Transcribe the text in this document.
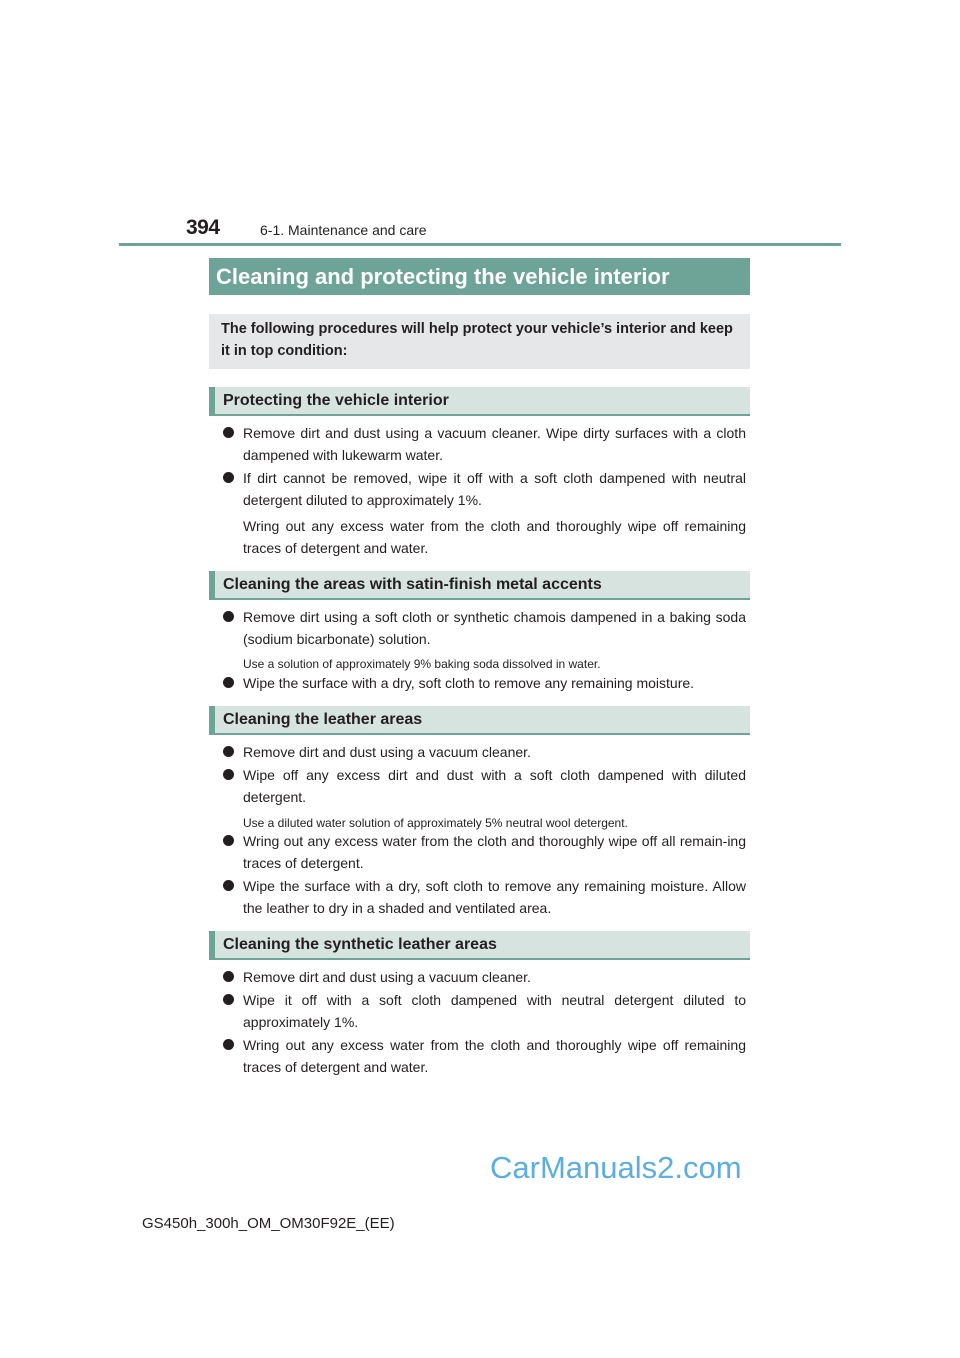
394	6-1. Maintenance and care
Cleaning and protecting the vehicle interior
The following procedures will help protect your vehicle’s interior and keep it in top condition:
Protecting the vehicle interior
Remove dirt and dust using a vacuum cleaner. Wipe dirty surfaces with a cloth dampened with lukewarm water.
If dirt cannot be removed, wipe it off with a soft cloth dampened with neutral detergent diluted to approximately 1%.
Wring out any excess water from the cloth and thoroughly wipe off remaining traces of detergent and water.
Cleaning the areas with satin-finish metal accents
Remove dirt using a soft cloth or synthetic chamois dampened in a baking soda (sodium bicarbonate) solution.
Use a solution of approximately 9% baking soda dissolved in water.
Wipe the surface with a dry, soft cloth to remove any remaining moisture.
Cleaning the leather areas
Remove dirt and dust using a vacuum cleaner.
Wipe off any excess dirt and dust with a soft cloth dampened with diluted detergent.
Use a diluted water solution of approximately 5% neutral wool detergent.
Wring out any excess water from the cloth and thoroughly wipe off all remain-ing traces of detergent.
Wipe the surface with a dry, soft cloth to remove any remaining moisture. Allow the leather to dry in a shaded and ventilated area.
Cleaning the synthetic leather areas
Remove dirt and dust using a vacuum cleaner.
Wipe it off with a soft cloth dampened with neutral detergent diluted to approximately 1%.
Wring out any excess water from the cloth and thoroughly wipe off remaining traces of detergent and water.
CarManuals2.com
GS450h_300h_OM_OM30F92E_(EE)
